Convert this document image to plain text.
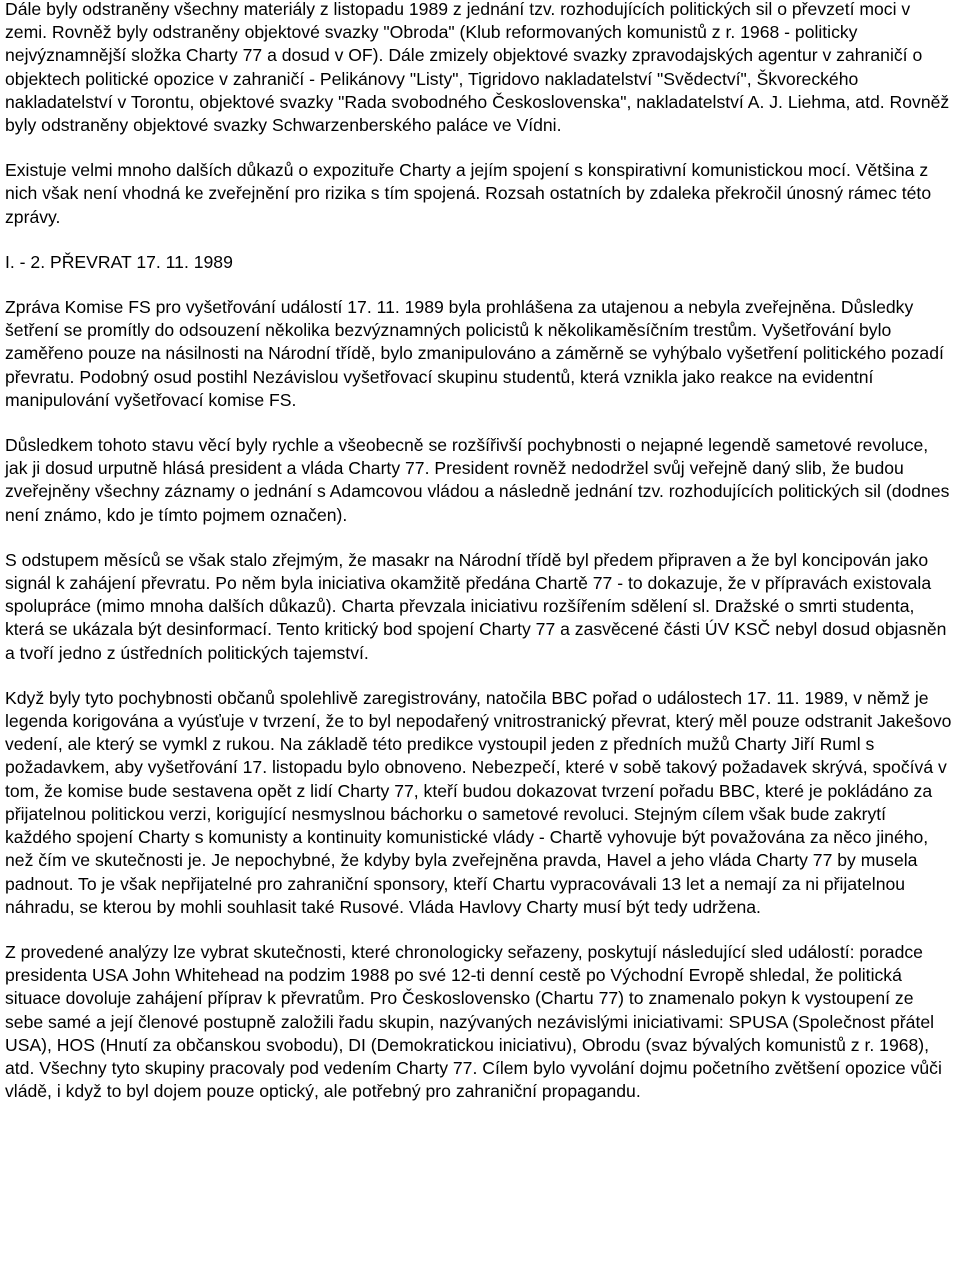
Dále byly odstraněny všechny materiály z listopadu 1989 z jednání tzv. rozhodujících politických sil o převzetí moci v zemi. Rovněž byly odstraněny objektové svazky "Obroda" (Klub reformovaných komunistů z r. 1968 - politicky nejvýznamnější složka Charty 77 a dosud v OF). Dále zmizely objektové svazky zpravodajských agentur v zahraničí o objektech politické opozice v zahraničí - Pelikánovy "Listy", Tigridovo nakladatelství "Svědectví", Škvoreckého nakladatelství v Torontu, objektové svazky "Rada svobodného Československa", nakladatelství A. J. Liehma, atd. Rovněž byly odstraněny objektové svazky Schwarzenberského paláce ve Vídni.

Existuje velmi mnoho dalších důkazů o expozituře Charty a jejím spojení s konspirativní komunistickou mocí. Většina z nich však není vhodná ke zveřejnění pro rizika s tím spojená. Rozsah ostatních by zdaleka překročil únosný rámec této zprávy.

I. - 2. PŘEVRAT 17. 11. 1989

Zpráva Komise FS pro vyšetřování událostí 17. 11. 1989 byla prohlášena za utajenou a nebyla zveřejněna. Důsledky šetření se promítly do odsouzení několika bezvýznamných policistů k několikaměsíčním trestům. Vyšetřování bylo zaměřeno pouze na násilnosti na Národní třídě, bylo zmanipulováno a záměrně se vyhýbalo vyšetření politického pozadí převratu. Podobný osud postihl Nezávislou vyšetřovací skupinu studentů, která vznikla jako reakce na evidentní manipulování vyšetřovací komise FS.

Důsledkem tohoto stavu věcí byly rychle a všeobecně se rozšířivší pochybnosti o nejapné legendě sametové revoluce, jak ji dosud urputně hlásá president a vláda Charty 77. President rovněž nedodržel svůj veřejně daný slib, že budou zveřejněny všechny záznamy o jednání s Adamcovou vládou a následně jednání tzv. rozhodujících politických sil (dodnes není známo, kdo je tímto pojmem označen).

S odstupem měsíců se však stalo zřejmým, že masakr na Národní třídě byl předem připraven a že byl koncipován jako signál k zahájení převratu. Po něm byla iniciativa okamžitě předána Chartě 77 - to dokazuje, že v přípravách existovala spolupráce (mimo mnoha dalších důkazů). Charta převzala iniciativu rozšířením sdělení sl. Dražské o smrti studenta, která se ukázala být desinformací. Tento kritický bod spojení Charty 77 a zasvěcené části ÚV KSČ nebyl dosud objasněn a tvoří jedno z ústředních politických tajemství.

Když byly tyto pochybnosti občanů spolehlivě zaregistrovány, natočila BBC pořad o událostech 17. 11. 1989, v němž je legenda korigována a vyúsťuje v tvrzení, že to byl nepodařený vnitrostranický převrat, který měl pouze odstranit Jakešovo vedení, ale který se vymkl z rukou. Na základě této predikce vystoupil jeden z předních mužů Charty Jiří Ruml s požadavkem, aby vyšetřování 17. listopadu bylo obnoveno. Nebezpečí, které v sobě takový požadavek skrývá, spočívá v tom, že komise bude sestavena opět z lidí Charty 77, kteří budou dokazovat tvrzení pořadu BBC, které je pokládáno za přijatelnou politickou verzi, korigující nesmyslnou báchorku o sametové revoluci. Stejným cílem však bude zakrytí každého spojení Charty s komunisty a kontinuity komunistické vlády - Chartě vyhovuje být považována za něco jiného, než čím ve skutečnosti je. Je nepochybné, že kdyby byla zveřejněna pravda, Havel a jeho vláda Charty 77 by musela padnout. To je však nepřijatelné pro zahraniční sponsory, kteří Chartu vypracovávali 13 let a nemají za ni přijatelnou náhradu, se kterou by mohli souhlasit také Rusové. Vláda Havlovy Charty musí být tedy udržena.

Z provedené analýzy lze vybrat skutečnosti, které chronologicky seřazeny, poskytují následující sled událostí: poradce presidenta USA John Whitehead na podzim 1988 po své 12-ti denní cestě po Východní Evropě shledal, že politická situace dovoluje zahájení příprav k převratům. Pro Československo (Chartu 77) to znamenalo pokyn k vystoupení ze sebe samé a její členové postupně založili řadu skupin, nazývaných nezávislými iniciativami: SPUSA (Společnost přátel USA), HOS (Hnutí za občanskou svobodu), DI (Demokratickou iniciativu), Obrodu (svaz bývalých komunistů z r. 1968), atd. Všechny tyto skupiny pracovaly pod vedením Charty 77. Cílem bylo vyvolání dojmu početního zvětšení opozice vůči vládě, i když to byl dojem pouze optický, ale potřebný pro zahraniční propagandu.
